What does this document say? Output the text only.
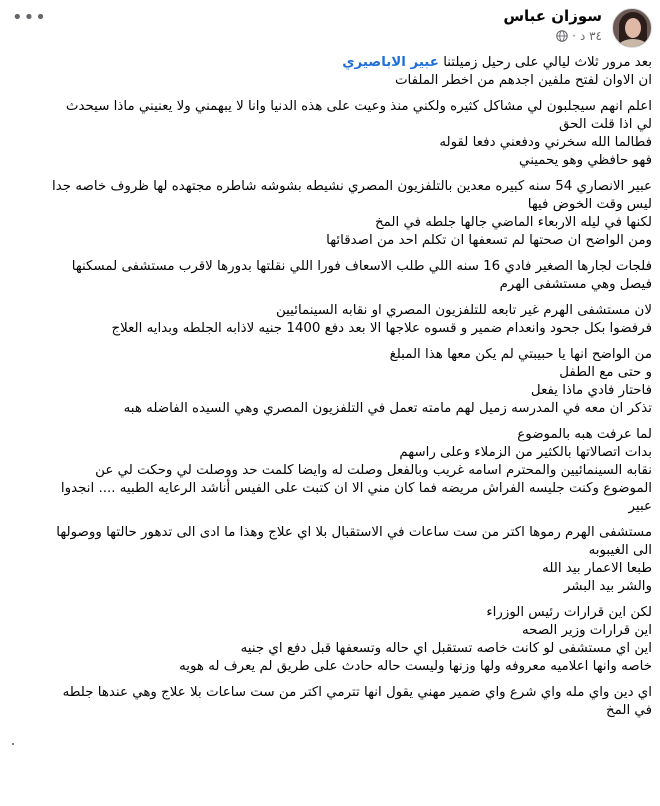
سوزان عباس
٣٤ د
·
•••
بعد مرور ثلاث ليالي على رحيل زميلتنا عبير الاباصيري
ان الاوان لفتح ملفين اجدهم من اخطر الملفات
اعلم انهم سيجلبون لي مشاكل كثيره ولكني منذ وعيت على هذه الدنيا وانا لا يبهمني ولا يعنيني ماذا سيحدث
لي اذا قلت الحق
فطالما الله سخرني ودفعني دفعا لقوله
فهو حافظي وهو يحميني
عبير الانصاري 54 سنه كبيره معدين بالتلفزيون المصري نشيطه بشوشه شاطره مجتهده لها ظروف خاصه جدا
ليس وقت الخوض فيها
لكنها في ليله الاربعاء الماضي جالها جلطه في المخ
ومن الواضح ان صحتها لم تسعفها ان تكلم احد من اصدقائها
فلجات لجارها الصغير فادي 16 سنه اللي طلب الاسعاف فورا اللي نقلتها بدورها لاقرب مستشفى لمسكنها
فيصل وهي مستشفى الهرم
لان مستشفى الهرم غير تابعه للتلفزيون المصري او نقابه السينمائيين
فرفضوا بكل جحود وانعدام ضمير و قسوه علاجها الا بعد دفع 1400 جنيه لاذابه الجلطه وبدايه العلاج
من الواضح انها يا حبيبتي لم يكن معها هذا المبلغ
و حتى مع الطفل
فاحتار فادي ماذا يفعل
تذكر ان معه في المدرسه زميل لهم مامته تعمل في التلفزيون المصري وهي السيده الفاضله هبه
لما عرفت هبه بالموضوع
بدات اتصالاتها بالكثير من الزملاء وعلى راسهم
نقابه السينمائيين والمحترم اسامه غريب وبالفعل وصلت له وايضا كلمت حد ووصلت لي وحكت لي عن
الموضوع وكنت جليسه الفراش مريضه فما كان مني الا ان كتبت على الفيس أناشد الرعايه الطبيه .... انجدوا
عبير
مستشفى الهرم رموها اكتر من ست ساعات في الاستقبال بلا اي علاج وهذا ما ادى الى تدهور حالتها ووصولها
الى الغيبوبه
طبعا الاعمار بيد الله
والشر بيد البشر
لكن اين قرارات رئيس الوزراء
اين قرارات وزير الصحه
اين اي مستشفى لو كانت خاصه تستقبل اي حاله وتسعفها قبل دفع اي جنيه
خاصه وانها اعلاميه معروفه ولها وزنها وليست حاله حادث على طريق لم يعرف له هويه
اي دين واي مله واي شرع واي ضمير مهني يقول انها تترمي اكتر من ست ساعات بلا علاج وهي عندها جلطه
في المخ
